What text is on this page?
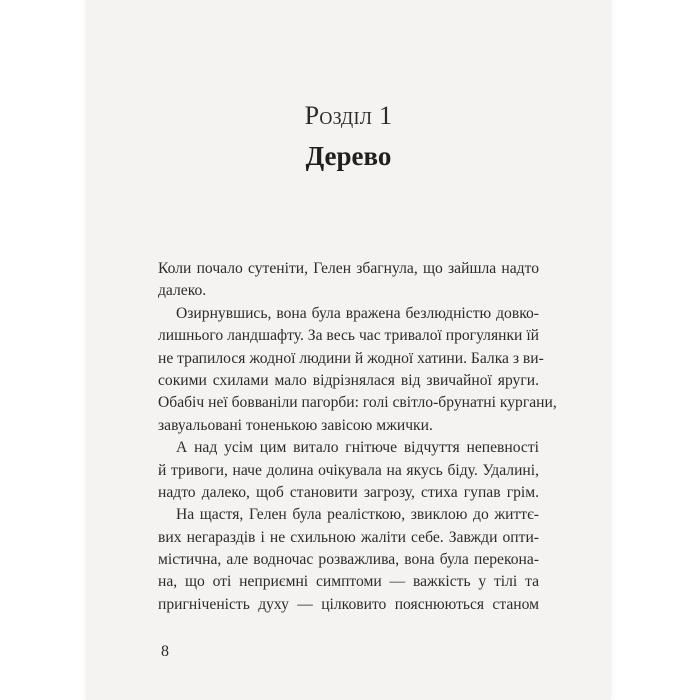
Розділ 1
Дерево
Коли почало сутеніти, Гелен збагнула, що зайшла надто
далеко.
Озирнувшись, вона була вражена безлюдністю довко-
лишнього ландшафту. За весь час тривалої прогулянки їй
не трапилося жодної людини й жодної хатини. Балка з ви-
сокими схилами мало відрізнялася від звичайної яруги.
Обабіч неї бовваніли пагорби: голі світло-брунатні кургани,
завуальовані тоненькою завісою мжички.
А над усім цим витало гнітюче відчуття непевності
й тривоги, наче долина очікувала на якусь біду. Удалині,
надто далеко, щоб становити загрозу, стиха гупав грім.
На щастя, Гелен була реалісткою, звиклою до життє-
вих негараздів і не схильною жаліти себе. Завжди опти-
містична, але водночас розважлива, вона була переконa-
на, що оті неприємні симптоми — важкість у тілі та
пригніченість духу — цілковито пояснюються станом
8
